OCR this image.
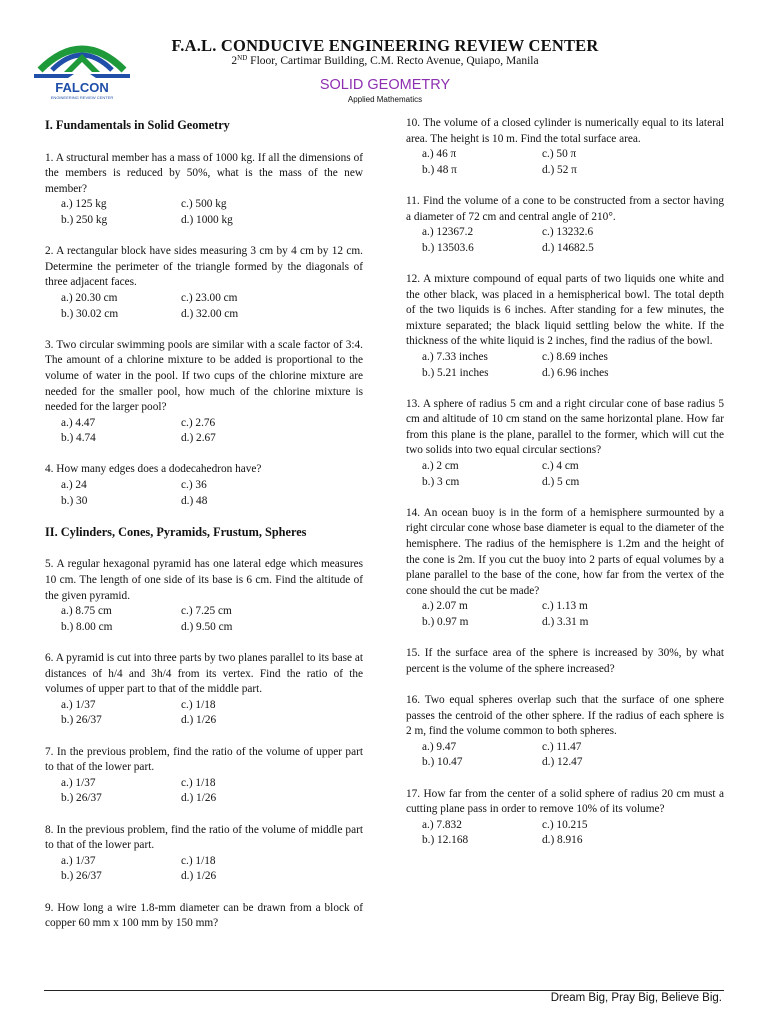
FALCON
ENGINEERING REVIEW CENTER
F.A.L. CONDUCIVE ENGINEERING REVIEW CENTER
2ND Floor, Cartimar Building, C.M. Recto Avenue, Quiapo, Manila
SOLID GEOMETRY
Applied Mathematics
I. Fundamentals in Solid Geometry

1. A structural member has a mass of 1000 kg. If all the dimensions of the members is reduced by 50%, what is the mass of the new member?

a.) 125 kg	c.) 500 kg
b.) 250 kg	d.) 1000 kg

2. A rectangular block have sides measuring 3 cm by 4 cm by 12 cm. Determine the perimeter of the triangle formed by the diagonals of three adjacent faces.

a.) 20.30 cm	c.) 23.00 cm
b.) 30.02 cm	d.) 32.00 cm

3. Two circular swimming pools are similar with a scale factor of 3:4. The amount of a chlorine mixture to be added is proportional to the volume of water in the pool. If two cups of the chlorine mixture are needed for the smaller pool, how much of the chlorine mixture is needed for the larger pool?

a.) 4.47	c.) 2.76
b.) 4.74	d.) 2.67

4. How many edges does a dodecahedron have?

a.) 24	c.) 36
b.) 30	d.) 48
II. Cylinders, Cones, Pyramids, Frustum, Spheres

5. A regular hexagonal pyramid has one lateral edge which measures 10 cm. The length of one side of its base is 6 cm. Find the altitude of the given pyramid.

a.) 8.75 cm	c.) 7.25 cm
b.) 8.00 cm	d.) 9.50 cm

6. A pyramid is cut into three parts by two planes parallel to its base at distances of h/4 and 3h/4 from its vertex. Find the ratio of the volumes of upper part to that of the middle part.

a.) 1/37	c.) 1/18
b.) 26/37	d.) 1/26

7. In the previous problem, find the ratio of the volume of upper part to that of the lower part.

a.) 1/37	c.) 1/18
b.) 26/37	d.) 1/26

8. In the previous problem, find the ratio of the volume of middle part to that of the lower part.

a.) 1/37	c.) 1/18
b.) 26/37	d.) 1/26

9. How long a wire 1.8-mm diameter can be drawn from a block of copper 60 mm x 100 mm by 150 mm?

10. The volume of a closed cylinder is numerically equal to its lateral area. The height is 10 m. Find the total surface area.

a.) 46 π	c.) 50 π
b.) 48 π	d.) 52 π

11. Find the volume of a cone to be constructed from a sector having a diameter of 72 cm and central angle of 210°.

a.) 12367.2	c.) 13232.6
b.) 13503.6	d.) 14682.5

12. A mixture compound of equal parts of two liquids one white and the other black, was placed in a hemispherical bowl. The total depth of the two liquids is 6 inches. After standing for a few minutes, the mixture separated; the black liquid settling below the white. If the thickness of the white liquid is 2 inches, find the radius of the bowl.

a.) 7.33 inches	c.) 8.69 inches
b.) 5.21 inches	d.) 6.96 inches

13. A sphere of radius 5 cm and a right circular cone of base radius 5 cm and altitude of 10 cm stand on the same horizontal plane. How far from this plane is the plane, parallel to the former, which will cut the two solids into two equal circular sections?

a.) 2 cm	c.) 4 cm
b.) 3 cm	d.) 5 cm

14. An ocean buoy is in the form of a hemisphere surmounted by a right circular cone whose base diameter is equal to the diameter of the hemisphere. The radius of the hemisphere is 1.2m and the height of the cone is 2m. If you cut the buoy into 2 parts of equal volumes by a plane parallel to the base of the cone, how far from the vertex of the cone should the cut be made?

a.) 2.07 m	c.) 1.13 m
b.) 0.97 m	d.) 3.31 m

15. If the surface area of the sphere is increased by 30%, by what percent is the volume of the sphere increased?

16. Two equal spheres overlap such that the surface of one sphere passes the centroid of the other sphere. If the radius of each sphere is 2 m, find the volume common to both spheres.

a.) 9.47	c.) 11.47
b.) 10.47	d.) 12.47

17. How far from the center of a solid sphere of radius 20 cm must a cutting plane pass in order to remove 10% of its volume?

a.) 7.832	c.) 10.215
b.) 12.168	d.) 8.916
Dream Big, Pray Big, Believe Big.
